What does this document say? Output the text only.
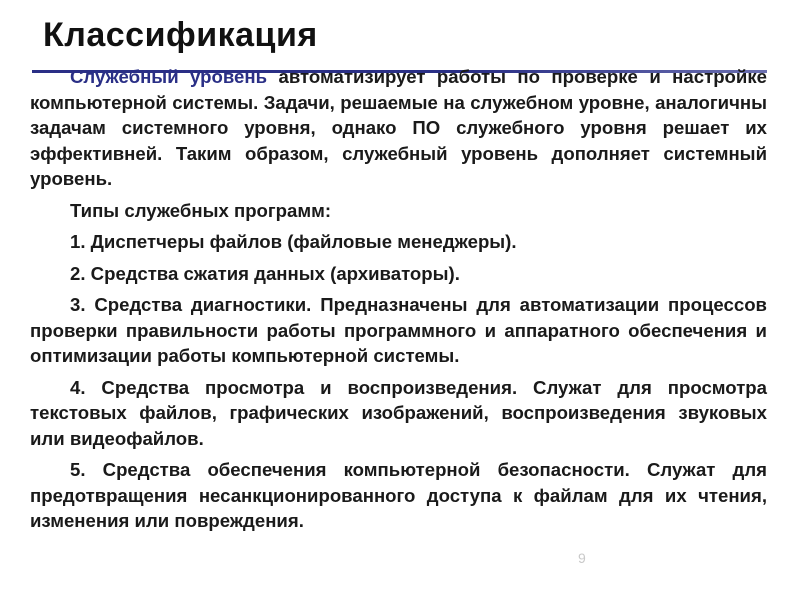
Классификация

Служебный уровень автоматизирует работы по проверке и настройке компьютерной системы. Задачи, решаемые на служебном уровне, аналогичны задачам системного уровня, однако ПО служебного уровня решает их эффективней. Таким образом, служебный уровень дополняет системный уровень.

Типы служебных программ:

1. Диспетчеры файлов (файловые менеджеры).

2. Средства сжатия данных (архиваторы).

3. Средства диагностики. Предназначены для автоматизации процессов проверки правильности работы программного и аппаратного обеспечения и оптимизации работы компьютерной системы.

4. Средства просмотра и воспроизведения. Служат для просмотра текстовых файлов, графических изображений, воспроизведения звуковых или видеофайлов.

5. Средства обеспечения компьютерной безопасности. Служат для предотвращения несанкционированного доступа к файлам для их чтения, изменения или повреждения.

9
